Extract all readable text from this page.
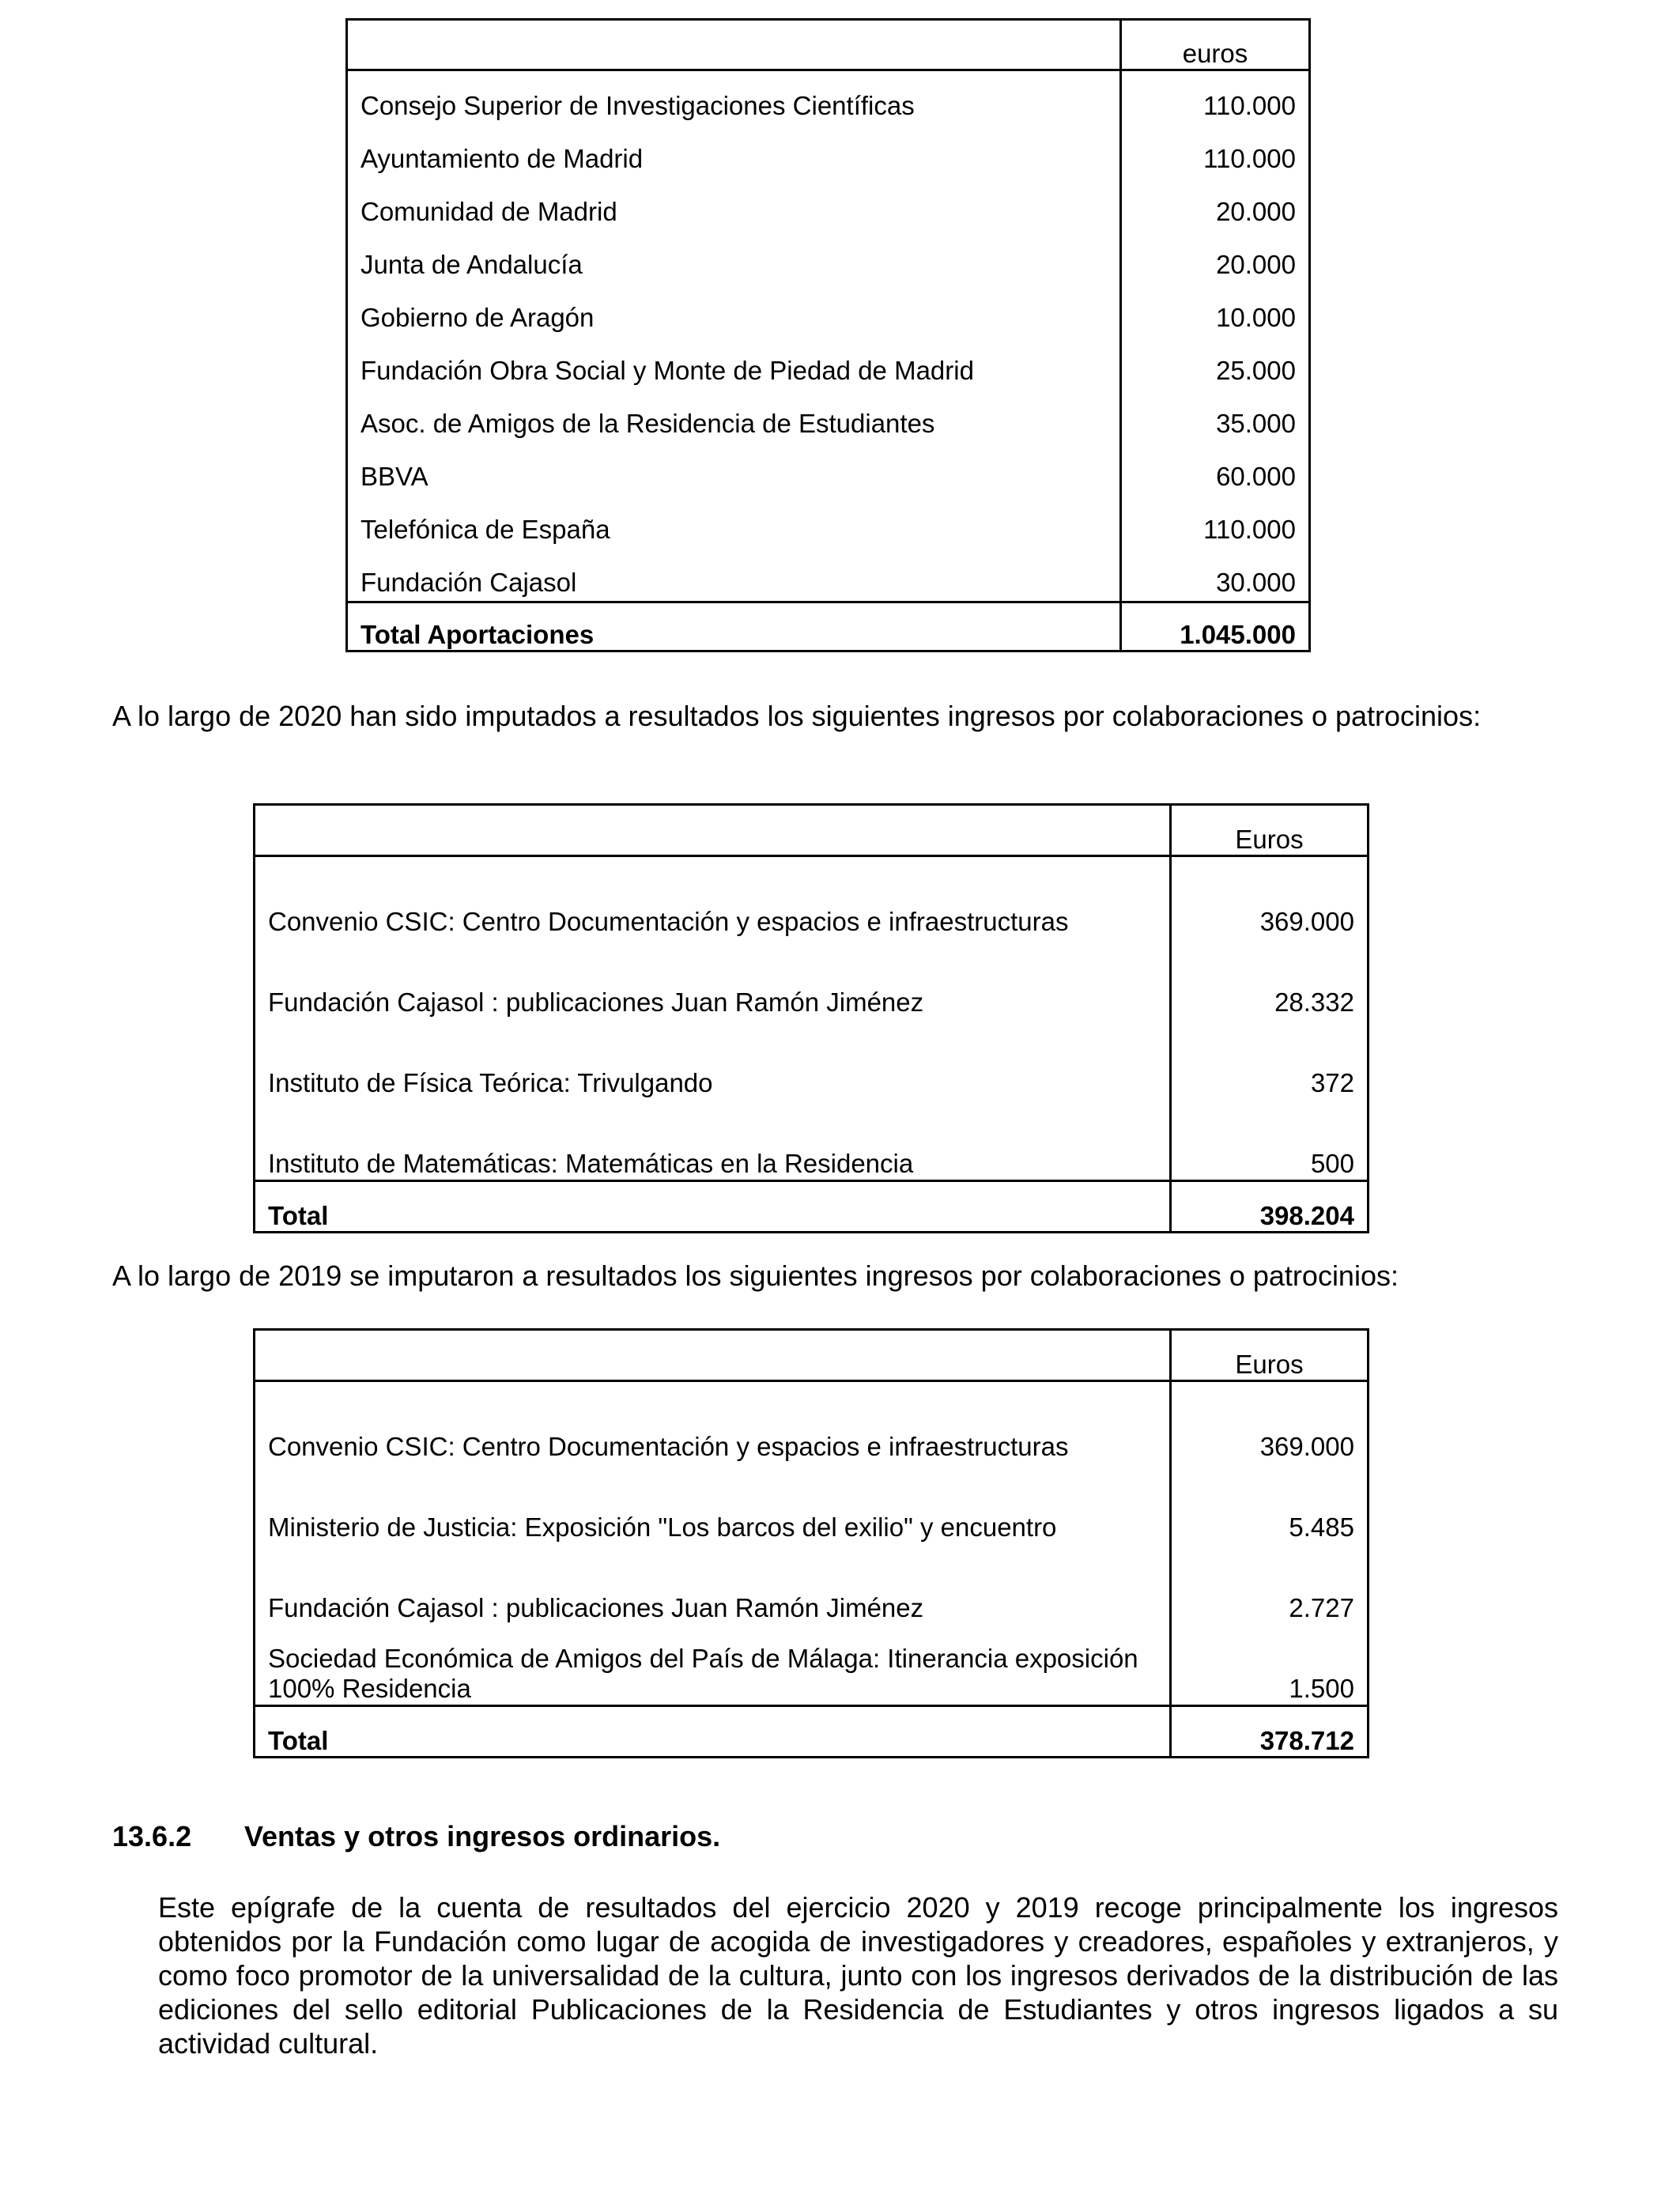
	euros
Consejo Superior de Investigaciones Científicas	110.000
Ayuntamiento de Madrid	110.000
Comunidad de Madrid	20.000
Junta de Andalucía	20.000
Gobierno de Aragón	10.000
Fundación Obra Social y Monte de Piedad de Madrid	25.000
Asoc. de Amigos de la Residencia de Estudiantes	35.000
BBVA	60.000
Telefónica de España	110.000
Fundación Cajasol	30.000
Total Aportaciones	1.045.000

A lo largo de 2020 han sido imputados a resultados los siguientes ingresos por colaboraciones o patrocinios:

	Euros
Convenio CSIC: Centro Documentación y espacios e infraestructuras	369.000
Fundación Cajasol : publicaciones Juan Ramón Jiménez	28.332
Instituto de Física Teórica: Trivulgando	372
Instituto de Matemáticas: Matemáticas en la Residencia	500
Total	398.204

A lo largo de 2019 se imputaron a resultados los siguientes ingresos por colaboraciones o patrocinios:

	Euros
Convenio CSIC: Centro Documentación y espacios e infraestructuras	369.000
Ministerio de Justicia: Exposición "Los barcos del exilio" y encuentro	5.485
Fundación Cajasol : publicaciones Juan Ramón Jiménez	2.727
Sociedad Económica de Amigos del País de Málaga: Itinerancia exposición 100% Residencia	1.500
Total	378.712
13.6.2 Ventas y otros ingresos ordinarios.

Este epígrafe de la cuenta de resultados del ejercicio 2020 y 2019 recoge principalmente los ingresos obtenidos por la Fundación como lugar de acogida de investigadores y creadores, españoles y extranjeros, y como foco promotor de la universalidad de la cultura, junto con los ingresos derivados de la distribución de las ediciones del sello editorial Publicaciones de la Residencia de Estudiantes y otros ingresos ligados a su actividad cultural.
